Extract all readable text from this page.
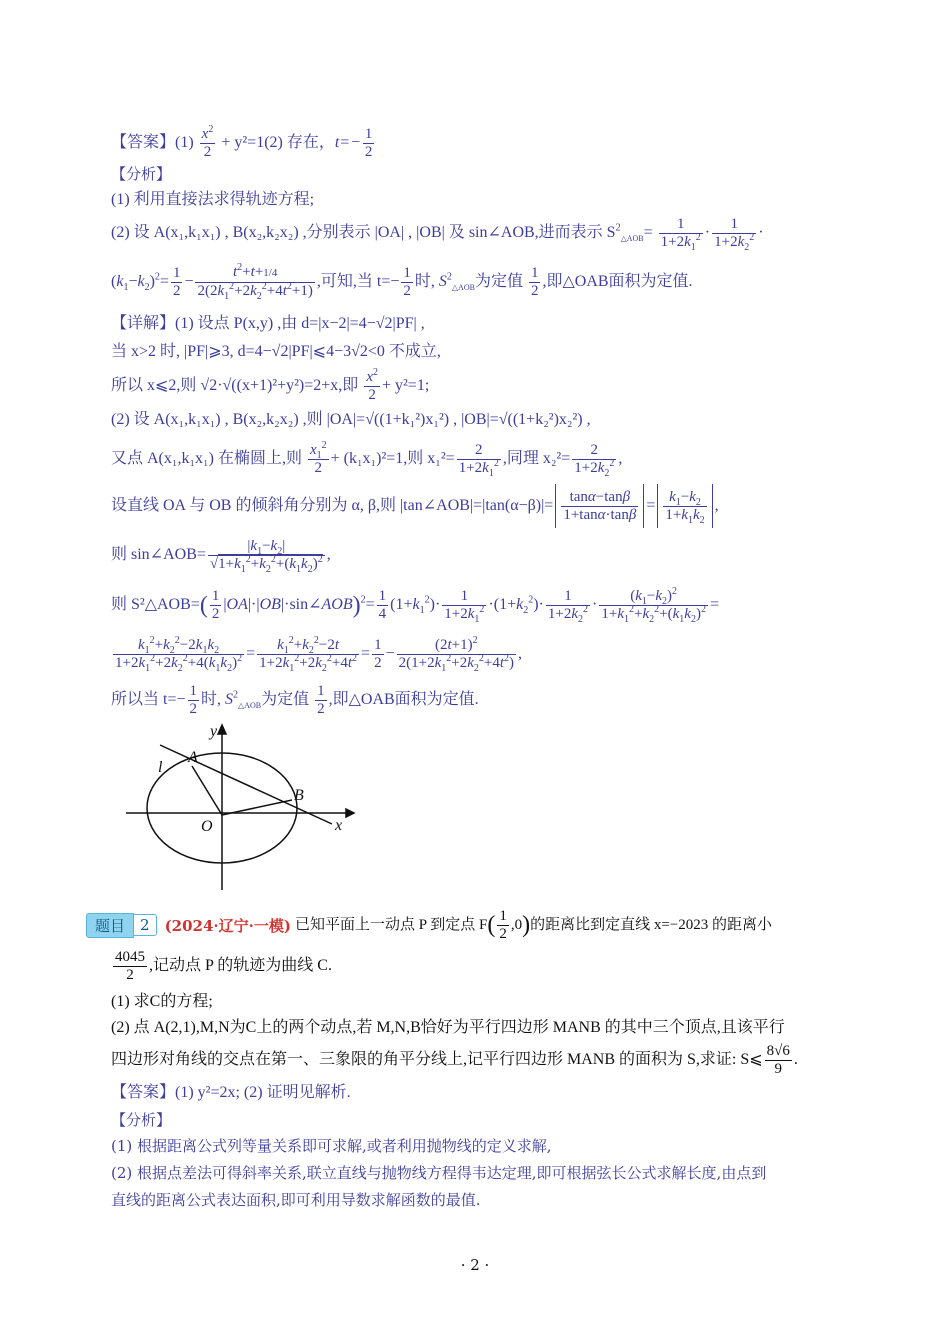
【答案】$(1) \frac{x^2}{2} + y^2=1(2)$ 存在，$t=- \frac{1}{2}$
【分析】
(1) 利用直接法求得轨迹方程;
(2) 设 A(x₁,k₁x₁) , B(x₂,k₂x₂) ,分别表示 |OA| , |OB| 及 sin∠AOB,进而表示 $S^2_{\triangle AOB}= \frac{1}{1+2k_1^2} \cdot \frac{1}{1+2k_2^2}$ ·
$(k_1-k_2)^2= \frac{1}{2} - \frac{t^2+t+1/4}{2(2k_1^2+2k_2^2+4t^2+1)}$ ,可知,当 $t=- \frac{1}{2}$ 时, $S^2_{\triangle AOB}$为定值 $\frac{1}{2}$ ,即△OAB面积为定值.
【详解】(1) 设点 P(x,y) ,由 d=|x−2|=4−√2|PF| ,
当 x>2 时, |PF|⩾3, d=4−√2|PF|⩽4−3√2<0 不成立,
所以 x⩽2,则 √2·√((x+1)²+y²)=2+x,即 $\frac{x^2}{2} + y^2=1$;
(2) 设 A(x₁,k₁x₁) , B(x₂,k₂x₂) ,则 |OA|=√((1+k₁²)x₁²) , |OB|=√((1+k₂²)x₂²) ,
又点 A(x₁,k₁x₁) 在椭圆上,则 $\frac{x_1^2}{2} + (k_1x_1)^2=1$,则 $x_1^2= \frac{2}{1+2k_1^2}$ ,同理 $x_2^2= \frac{2}{1+2k_2^2}$ ,
设直线 OA 与 OB 的倾斜角分别为 α, β,则 |tan∠AOB|=|tan(α−β)|= $\frac{\tan\alpha-\tan\beta}{1+\tan\alpha\cdot\tan\beta} = \frac{k_1-k_2}{1+k_1k_2}$ ,
则 sin∠AOB= $\frac{|k_1-k_2|}{√1+k_1^2+k_2^2+(k_1k_2)^2}$ ,
则 S²△AOB=( $\frac{1}{2}$ |OA|·|OB|·sin∠AOB)$^2$= $\frac{1}{4} (1+k_1^2)\cdot \frac{1}{1+2k_1^2} \cdot(1+k_2^2)\cdot \frac{1}{1+2k_2^2} \cdot \frac{(k_1-k_2)^2}{1+k_1^2+k_2^2+(k_1k_2)^2}$ =
$\frac{k_1^2+k_2^2-2k_1k_2}{1+2k_1^2+2k_2^2+4(k_1k_2)^2} = \frac{k_1^2+k_2^2-2t}{1+2k_1^2+2k_2^2+4t^2} = \frac{1}{2} - \frac{(2t+1)^2}{2(1+2k_1^2+2k_2^2+4t^2)}$ ,
所以当 $t=- \frac{1}{2}$ 时, $S^2_{\triangle AOB}$为定值 $\frac{1}{2}$ ,即△OAB面积为定值.
y
x
O
A
B
l
题目	2	(2024·辽宁·一模) 已知平面上一动点 P 到定点 $F( \frac{1}{2} ,0)$的距离比到定直线 x=−2023 的距离小
$\frac{4045}{2}$ ,记动点 P 的轨迹为曲线 C.
(1) 求C的方程;
(2) 点 A(2,1),M,N为C上的两个动点,若 M,N,B恰好为平行四边形 MANB 的其中三个顶点,且该平行
四边形对角线的交点在第一、三象限的角平分线上,记平行四边形 MANB 的面积为 S,求证: S⩽ $\frac{8√6}{9}$ .
【答案】(1) y²=2x; (2) 证明见解析.
【分析】
(1) 根据距离公式列等量关系即可求解,或者利用抛物线的定义求解,
(2) 根据点差法可得斜率关系,联立直线与抛物线方程得韦达定理,即可根据弦长公式求解长度,由点到
直线的距离公式表达面积,即可利用导数求解函数的最值.
· 2 ·
